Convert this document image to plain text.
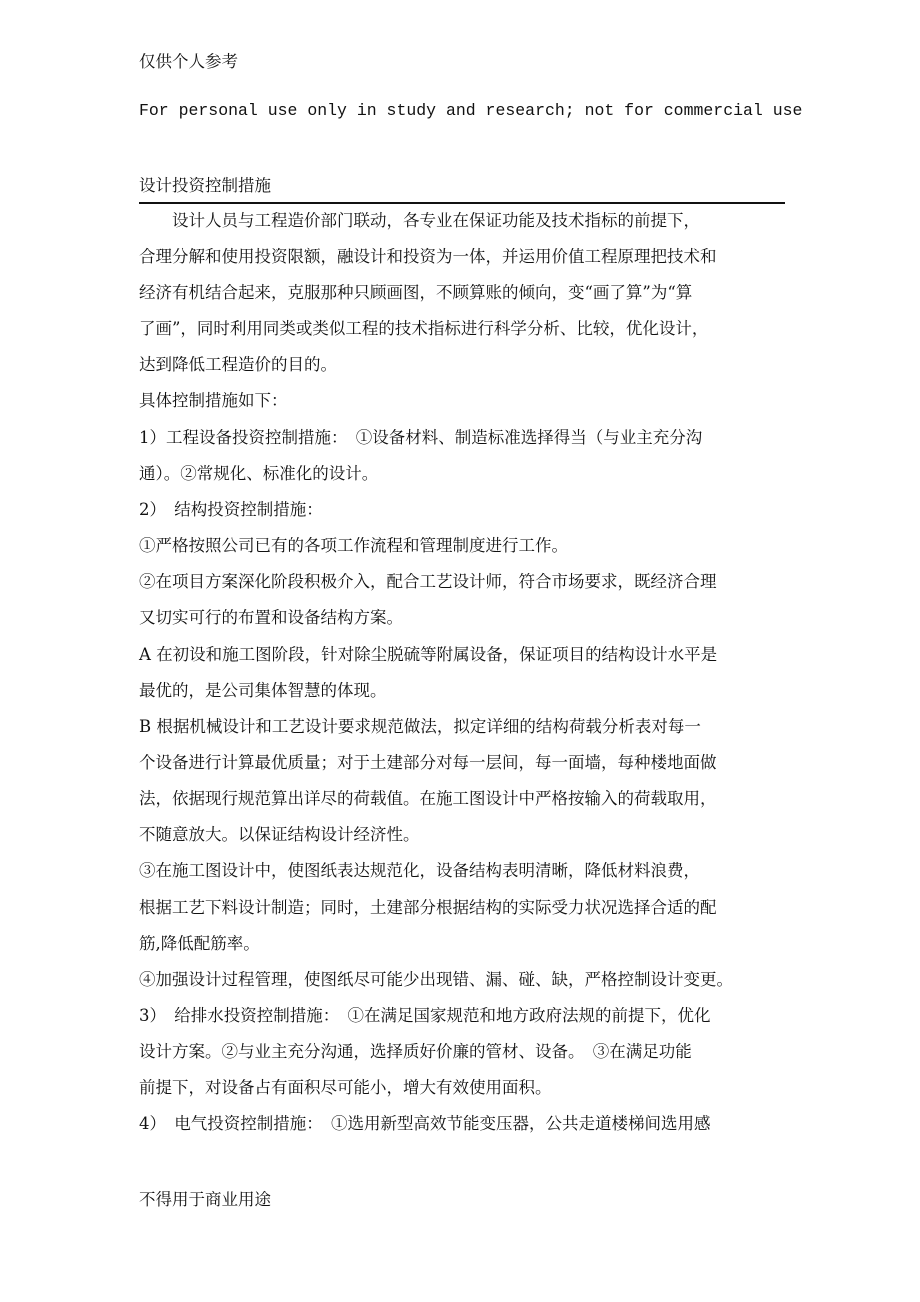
仅供个人参考
For personal use only in study and research; not for commercial use
设计投资控制措施
　　设计人员与工程造价部门联动，各专业在保证功能及技术指标的前提下，
合理分解和使用投资限额，融设计和投资为一体，并运用价值工程原理把技术和
经济有机结合起来，克服那种只顾画图，不顾算账的倾向，变“画了算”为“算
了画”，同时利用同类或类似工程的技术指标进行科学分析、比较，优化设计，
达到降低工程造价的目的。
具体控制措施如下：
1）工程设备投资控制措施：　①设备材料、制造标准选择得当（与业主充分沟
通）。②常规化、标准化的设计。
2）　结构投资控制措施：
①严格按照公司已有的各项工作流程和管理制度进行工作。
②在项目方案深化阶段积极介入，配合工艺设计师，符合市场要求，既经济合理
又切实可行的布置和设备结构方案。
A 在初设和施工图阶段，针对除尘脱硫等附属设备，保证项目的结构设计水平是
最优的，是公司集体智慧的体现。
B 根据机械设计和工艺设计要求规范做法，拟定详细的结构荷载分析表对每一
个设备进行计算最优质量；对于土建部分对每一层间，每一面墙，每种楼地面做
法，依据现行规范算出详尽的荷载值。在施工图设计中严格按输入的荷载取用，
不随意放大。以保证结构设计经济性。
③在施工图设计中，使图纸表达规范化，设备结构表明清晰，降低材料浪费，
根据工艺下料设计制造；同时，土建部分根据结构的实际受力状况选择合适的配
筋,降低配筋率。
④加强设计过程管理，使图纸尽可能少出现错、漏、碰、缺，严格控制设计变更。
3）　给排水投资控制措施：　①在满足国家规范和地方政府法规的前提下，优化
设计方案。②与业主充分沟通，选择质好价廉的管材、设备。　③在满足功能
前提下，对设备占有面积尽可能小，增大有效使用面积。
4）　电气投资控制措施：　①选用新型高效节能变压器，公共走道楼梯间选用感
不得用于商业用途
